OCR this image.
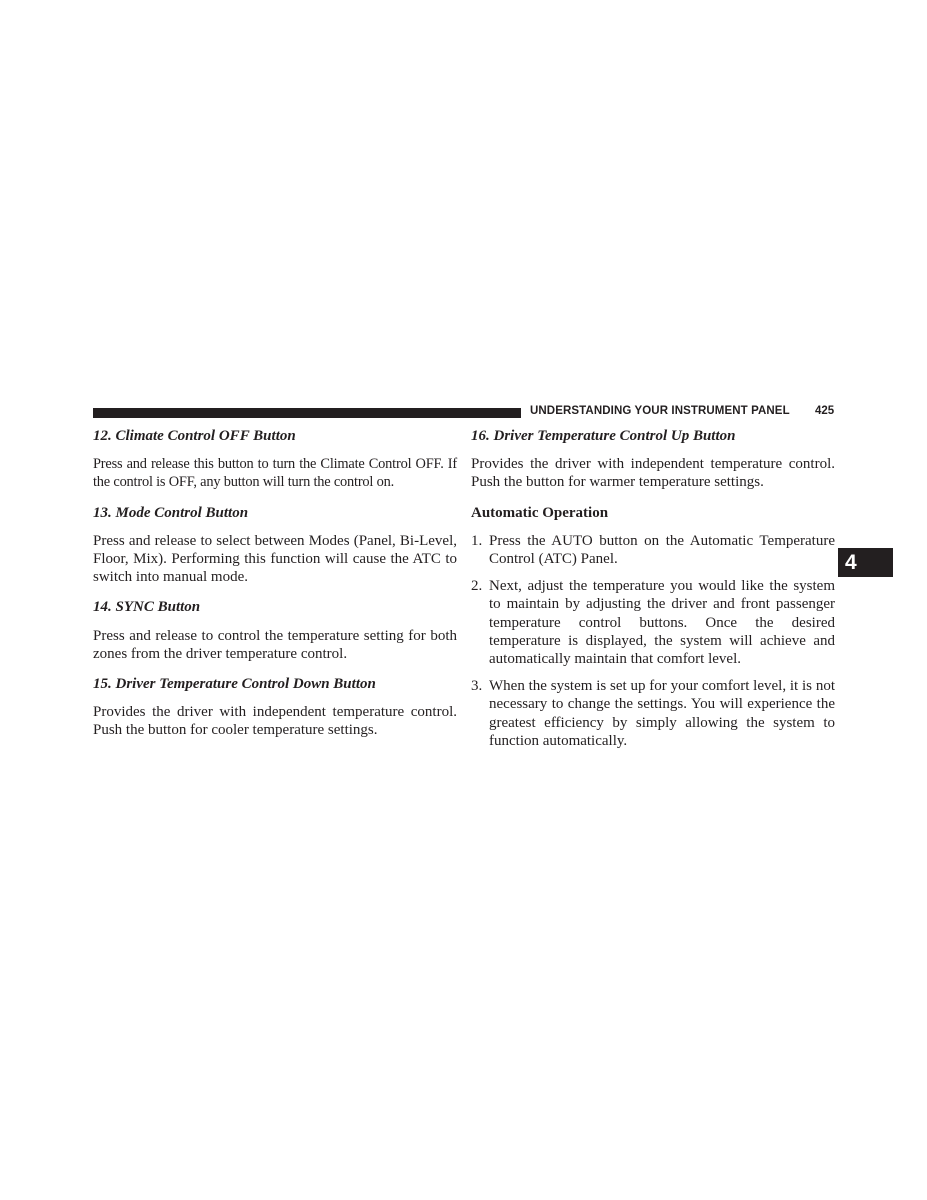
UNDERSTANDING YOUR INSTRUMENT PANEL 425
4

12. Climate Control OFF Button

Press and release this button to turn the Climate Control OFF. If the control is OFF, any button will turn the control on.

13. Mode Control Button

Press and release to select between Modes (Panel, Bi-Level, Floor, Mix). Performing this function will cause the ATC to switch into manual mode.

14. SYNC Button

Press and release to control the temperature setting for both zones from the driver temperature control.

15. Driver Temperature Control Down Button

Provides the driver with independent temperature control. Push the button for cooler temperature settings.

16. Driver Temperature Control Up Button

Provides the driver with independent temperature control. Push the button for warmer temperature settings.

Automatic Operation

1. Press the AUTO button on the Automatic Temperature Control (ATC) Panel.
2. Next, adjust the temperature you would like the system to maintain by adjusting the driver and front passenger temperature control buttons. Once the desired temperature is displayed, the system will achieve and automatically maintain that comfort level.
3. When the system is set up for your comfort level, it is not necessary to change the settings. You will experience the greatest efficiency by simply allowing the system to function automatically.
